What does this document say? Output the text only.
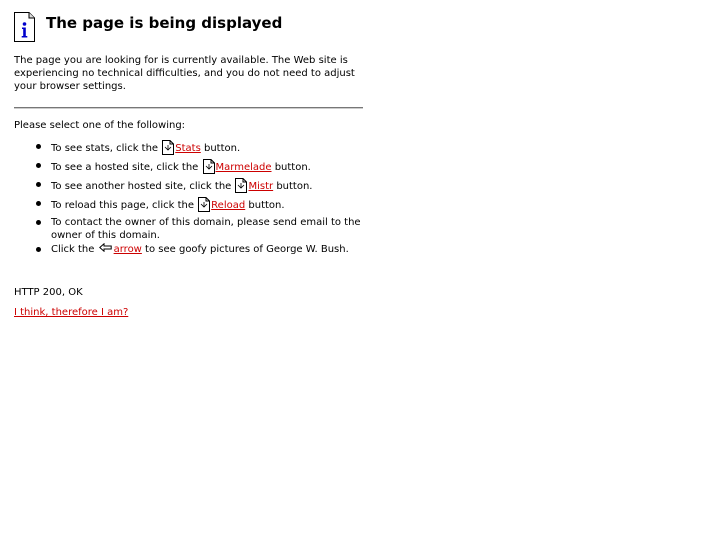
The page is being displayed
The page you are looking for is currently available. The Web site is experiencing no technical difficulties, and you do not need to adjust your browser settings.
Please select one of the following:
To see stats, click the Stats button.
To see a hosted site, click the Marmelade button.
To see another hosted site, click the Mistr button.
To reload this page, click the Reload button.
To contact the owner of this domain, please send email to the owner of this domain.
Click the arrow to see goofy pictures of George W. Bush.
HTTP 200, OK
I think, therefore I am?
